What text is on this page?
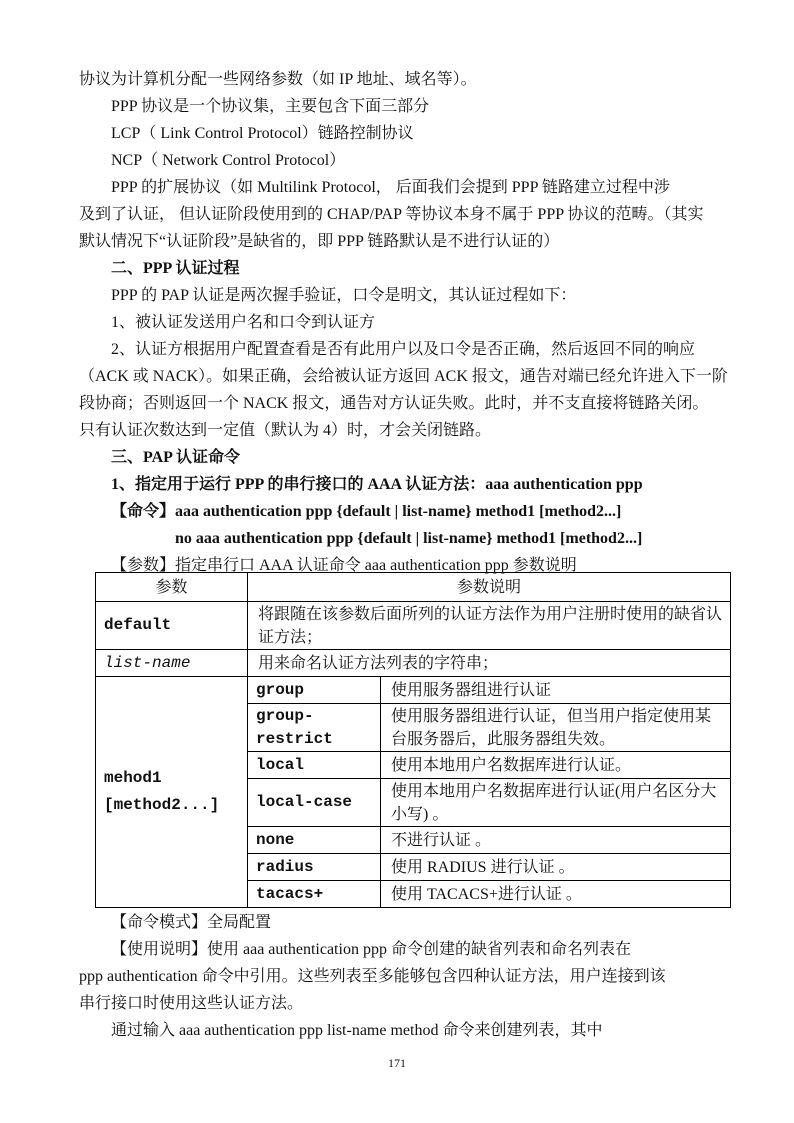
协议为计算机分配一些网络参数（如 IP 地址、域名等）。
PPP 协议是一个协议集，主要包含下面三部分
LCP（ Link Control Protocol）链路控制协议
NCP（ Network Control Protocol）
PPP 的扩展协议（如 Multilink Protocol， 后面我们会提到 PPP 链路建立过程中涉
及到了认证， 但认证阶段使用到的 CHAP/PAP 等协议本身不属于 PPP 协议的范畴。（其实
默认情况下“认证阶段”是缺省的，即 PPP 链路默认是不进行认证的）
二、PPP 认证过程
PPP 的 PAP 认证是两次握手验证，口令是明文，其认证过程如下：
1、被认证发送用户名和口令到认证方
2、认证方根据用户配置查看是否有此用户以及口令是否正确，然后返回不同的响应
（ACK 或 NACK）。如果正确，会给被认证方返回 ACK 报文，通告对端已经允许进入下一阶
段协商；否则返回一个 NACK 报文，通告对方认证失败。此时，并不支直接将链路关闭。
只有认证次数达到一定值（默认为 4）时，才会关闭链路。
三、PAP 认证命令
1、指定用于运行 PPP 的串行接口的 AAA 认证方法：aaa authentication ppp
【命令】aaa authentication ppp {default | list-name} method1 [method2...]
no aaa authentication ppp {default | list-name} method1 [method2...]
【参数】指定串行口 AAA 认证命令 aaa authentication ppp 参数说明
参数	参数说明	
default	将跟随在该参数后面所列的认证方法作为用户注册时使用的缺省认证方法；	
list-name	用来命名认证方法列表的字符串；	

mehod1
[method2...]	group	使用服务器组进行认证
	group-restrict	使用服务器组进行认证，但当用户指定使用某台服务器后，此服务器组失效。
	local	使用本地用户名数据库进行认证。
	local-case	使用本地用户名数据库进行认证(用户名区分大小写) 。
	none	不进行认证 。
	radius	使用 RADIUS 进行认证 。
	tacacs+	使用 TACACS+进行认证 。
【命令模式】全局配置
【使用说明】使用 aaa authentication ppp 命令创建的缺省列表和命名列表在
ppp authentication 命令中引用。这些列表至多能够包含四种认证方法，用户连接到该
串行接口时使用这些认证方法。
通过输入 aaa authentication ppp list-name method 命令来创建列表，其中
171
